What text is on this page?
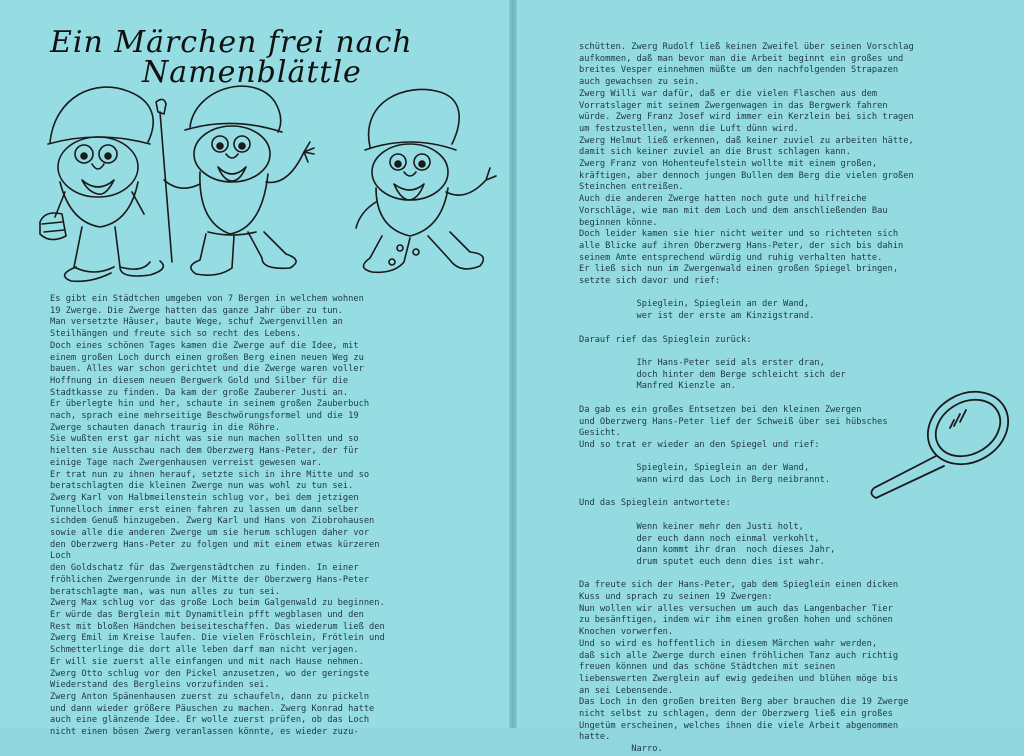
Ein Märchen frei nach
Namenblättle
Es gibt ein Städtchen umgeben von 7 Bergen in welchem wohnen
19 Zwerge. Die Zwerge hatten das ganze Jahr über zu tun.
Man versetzte Häuser, baute Wege, schuf Zwergenvillen an
Steilhängen und freute sich so recht des Lebens.
Doch eines schönen Tages kamen die Zwerge auf die Idee, mit
einem großen Loch durch einen großen Berg einen neuen Weg zu
bauen. Alles war schon gerichtet und die Zwerge waren voller
Hoffnung in diesem neuen Bergwerk Gold und Silber für die
Stadtkasse zu finden. Da kam der große Zauberer Justi an.
Er überlegte hin und her, schaute in seinem großen Zauberbuch
nach, sprach eine mehrseitige Beschwörungsformel und die 19
Zwerge schauten danach traurig in die Röhre.
Sie wußten erst gar nicht was sie nun machen sollten und so
hielten sie Ausschau nach dem Oberzwerg Hans-Peter, der für
einige Tage nach Zwergenhausen verreist gewesen war.
Er trat nun zu ihnen herauf, setzte sich in ihre Mitte und so
beratschlagten die kleinen Zwerge nun was wohl zu tun sei.
Zwerg Karl von Halbmeilenstein schlug vor, bei dem jetzigen
Tunnelloch immer erst einen fahren zu lassen um dann selber
sichdem Genuß hinzugeben. Zwerg Karl und Hans von Ziobrohausen
sowie alle die anderen Zwerge um sie herum schlugen daher vor
den Oberzwerg Hans-Peter zu folgen und mit einem etwas kürzeren
Loch
den Goldschatz für das Zwergenstädtchen zu finden. In einer
fröhlichen Zwergenrunde in der Mitte der Oberzwerg Hans-Peter
beratschlagte man, was nun alles zu tun sei.
Zwerg Max schlug vor das große Loch beim Galgenwald zu beginnen.
Er würde das Berglein mit Dynamitlein pfft wegblasen und den
Rest mit bloßen Händchen beiseiteschaffen. Das wiederum ließ den
Zwerg Emil im Kreise laufen. Die vielen Fröschlein, Frötlein und
Schmetterlinge die dort alle leben darf man nicht verjagen.
Er will sie zuerst alle einfangen und mit nach Hause nehmen.
Zwerg Otto schlug vor den Pickel anzusetzen, wo der geringste
Wiederstand des Bergleins vorzufinden sei.
Zwerg Anton Spänenhausen zuerst zu schaufeln, dann zu pickeln
und dann wieder größere Päuschen zu machen. Zwerg Konrad hatte
auch eine glänzende Idee. Er wolle zuerst prüfen, ob das Loch
nicht einen bösen Zwerg veranlassen könnte, es wieder zuzu-
schütten. Zwerg Rudolf ließ keinen Zweifel über seinen Vorschlag
aufkommen, daß man bevor man die Arbeit beginnt ein großes und
breites Vesper einnehmen müßte um den nachfolgenden Strapazen
auch gewachsen zu sein.
Zwerg Willi war dafür, daß er die vielen Flaschen aus dem
Vorratslager mit seinem Zwergenwagen in das Bergwerk fahren
würde. Zwerg Franz Josef wird immer ein Kerzlein bei sich tragen
um festzustellen, wenn die Luft dünn wird.
Zwerg Helmut ließ erkennen, daß keiner zuviel zu arbeiten hätte,
damit sich keiner zuviel an die Brust schlagen kann.
Zwerg Franz von Hohenteufelstein wollte mit einem großen,
kräftigen, aber dennoch jungen Bullen dem Berg die vielen großen
Steinchen entreißen.
Auch die anderen Zwerge hatten noch gute und hilfreiche
Vorschläge, wie man mit dem Loch und dem anschließenden Bau
beginnen könne.
Doch leider kamen sie hier nicht weiter und so richteten sich
alle Blicke auf ihren Oberzwerg Hans-Peter, der sich bis dahin
seinem Amte entsprechend würdig und ruhig verhalten hatte.
Er ließ sich nun im Zwergenwald einen großen Spiegel bringen,
setzte sich davor und rief:

Spieglein, Spieglein an der Wand,
wer ist der erste am Kinzigstrand.

Darauf rief das Spieglein zurück:

Ihr Hans-Peter seid als erster dran,
doch hinter dem Berge schleicht sich der
Manfred Kienzle an.

Da gab es ein großes Entsetzen bei den kleinen Zwergen
und Oberzwerg Hans-Peter lief der Schweiß über sei hübsches
Gesicht.
Und so trat er wieder an den Spiegel und rief:

Spieglein, Spieglein an der Wand,
wann wird das Loch in Berg neibrannt.

Und das Spieglein antwortete:

Wenn keiner mehr den Justi holt,
der euch dann noch einmal verkohlt,
dann kommt ihr dran  noch dieses Jahr,
drum sputet euch denn dies ist wahr.

Da freute sich der Hans-Peter, gab dem Spieglein einen dicken
Kuss und sprach zu seinen 19 Zwergen:
Nun wollen wir alles versuchen um auch das Langenbacher Tier
zu besänftigen, indem wir ihm einen großen hohen und schönen
Knochen vorwerfen.
Und so wird es hoffentlich in diesem Märchen wahr werden,
daß sich alle Zwerge durch einen fröhlichen Tanz auch richtig
freuen können und das schöne Städtchen mit seinen
liebenswerten Zwerglein auf ewig gedeihen und blühen möge bis
an sei Lebensende.
Das Loch in den großen breiten Berg aber brauchen die 19 Zwerge
nicht selbst zu schlagen, denn der Oberzwerg ließ ein großes
Ungetüm erscheinen, welches ihnen die viele Arbeit abgenommen
hatte.
Narro.
